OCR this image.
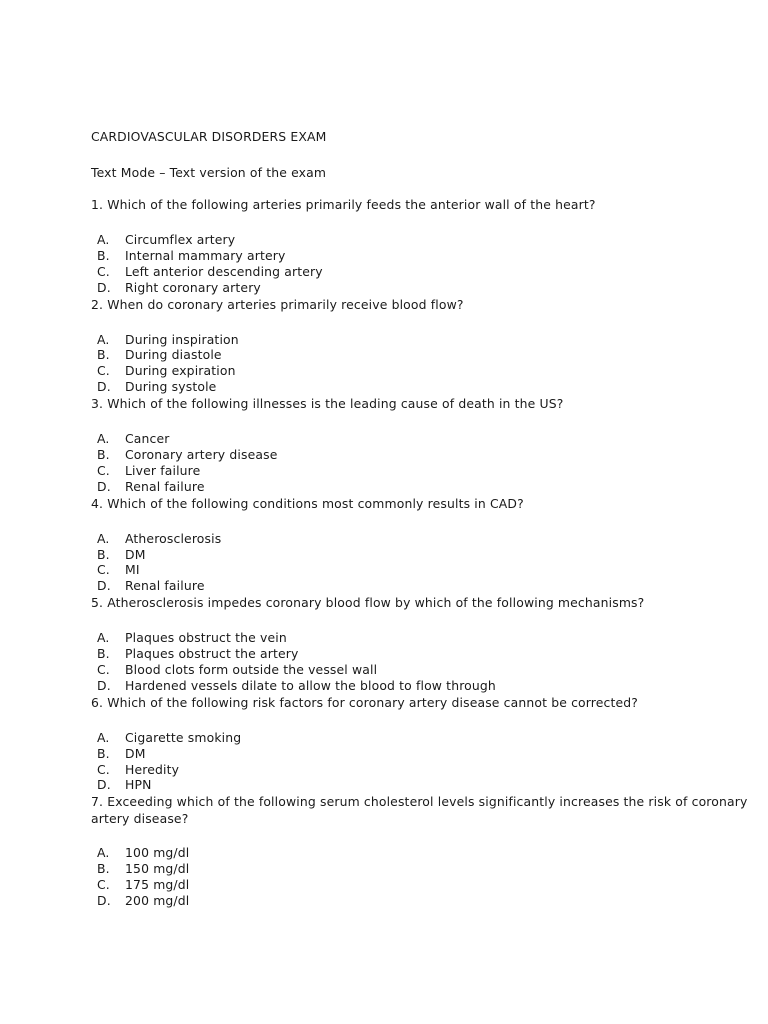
CARDIOVASCULAR DISORDERS EXAM
Text Mode – Text version of the exam
1. Which of the following arteries primarily feeds the anterior wall of the heart?
A.	Circumflex artery
B.	Internal mammary artery
C.	Left anterior descending artery
D.	Right coronary artery
2. When do coronary arteries primarily receive blood flow?
A.	During inspiration
B.	During diastole
C.	During expiration
D.	During systole
3. Which of the following illnesses is the leading cause of death in the US?
A.	Cancer
B.	Coronary artery disease
C.	Liver failure
D.	Renal failure
4. Which of the following conditions most commonly results in CAD?
A.	Atherosclerosis
B.	DM
C.	MI
D.	Renal failure
5. Atherosclerosis impedes coronary blood flow by which of the following mechanisms?
A.	Plaques obstruct the vein
B.	Plaques obstruct the artery
C.	Blood clots form outside the vessel wall
D.	Hardened vessels dilate to allow the blood to flow through
6. Which of the following risk factors for coronary artery disease cannot be corrected?
A.	Cigarette smoking
B.	DM
C.	Heredity
D.	HPN
7. Exceeding which of the following serum cholesterol levels significantly increases the risk of coronary artery disease?
A.	100 mg/dl
B.	150 mg/dl
C.	175 mg/dl
D.	200 mg/dl
